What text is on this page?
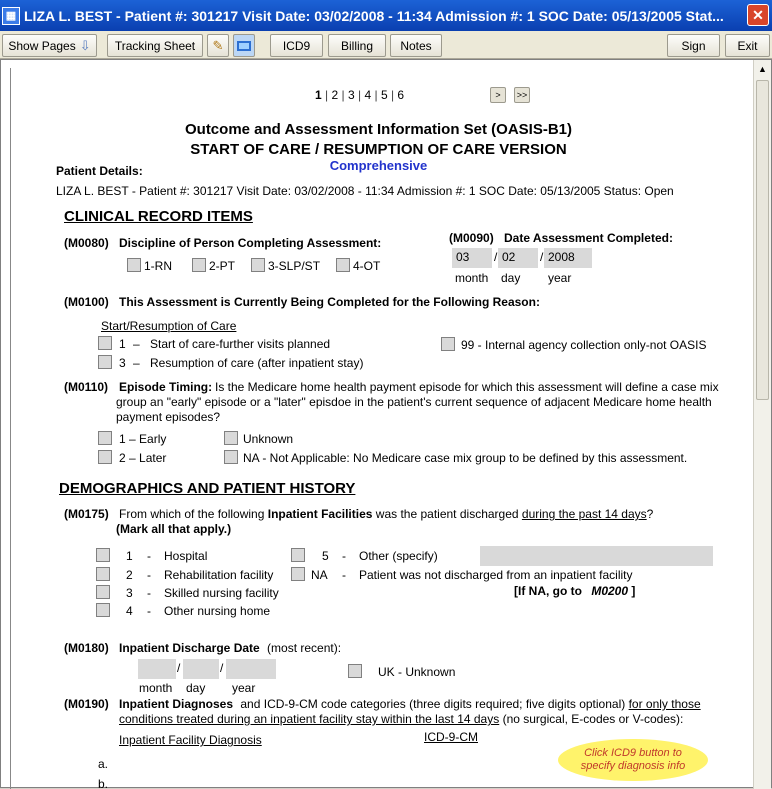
▦ LIZA L. BEST - Patient #: 301217 Visit Date: 03/02/2008 - 11:34 Admission #: 1 SOC Date: 05/13/2005 Stat...	✕
Show Pages ⇩ Tracking Sheet ✎	ICD9	Billing Notes	Sign	Exit
1 | 2 | 3 | 4 | 5 | 6	>	>>
Outcome and Assessment Information Set (OASIS-B1)
START OF CARE / RESUMPTION OF CARE VERSION
Comprehensive
Patient Details:
LIZA L. BEST - Patient #: 301217 Visit Date: 03/02/2008 - 11:34 Admission #: 1 SOC Date: 05/13/2005 Status: Open
CLINICAL RECORD ITEMS
(M0080) Discipline of Person Completing Assessment:
1-RN	2-PT	3-SLP/ST	4-OT
(M0090) Date Assessment Completed:
03	/ 02	/ 2008
month day year
(M0100) This Assessment is Currently Being Completed for the Following Reason:
Start/Resumption of Care
1 – Start of care-further visits planned
3 – Resumption of care (after inpatient stay)
99 - Internal agency collection only-not OASIS
(M0110) Episode Timing: Is the Medicare home health payment episode for which this assessment will define a case mix
group an "early" episode or a "later" episdoe in the patient's current sequence of adjacent Medicare home health
payment episodes?
1 – Early
2 – Later
Unknown
NA - Not Applicable: No Medicare case mix group to be defined by this assessment.
DEMOGRAPHICS AND PATIENT HISTORY
(M0175) From which of the following Inpatient Facilities was the patient discharged during the past 14 days?
(Mark all that apply.)
1 - Hospital
2 - Rehabilitation facility
3 - Skilled nursing facility
4 - Other nursing home
5 - Other (specify)
NA - Patient was not discharged from an inpatient facility
[If NA, go to M0200 ]
(M0180) Inpatient Discharge Date (most recent):
/	/
month day year
UK - Unknown
(M0190) Inpatient Diagnoses and ICD-9-CM code categories (three digits required; five digits optional) for only those
conditions treated during an inpatient facility stay within the last 14 days (no surgical, E-codes or V-codes):
Inpatient Facility Diagnosis	ICD-9-CM
Click ICD9 button to specify diagnosis info
a.
b.
▲
